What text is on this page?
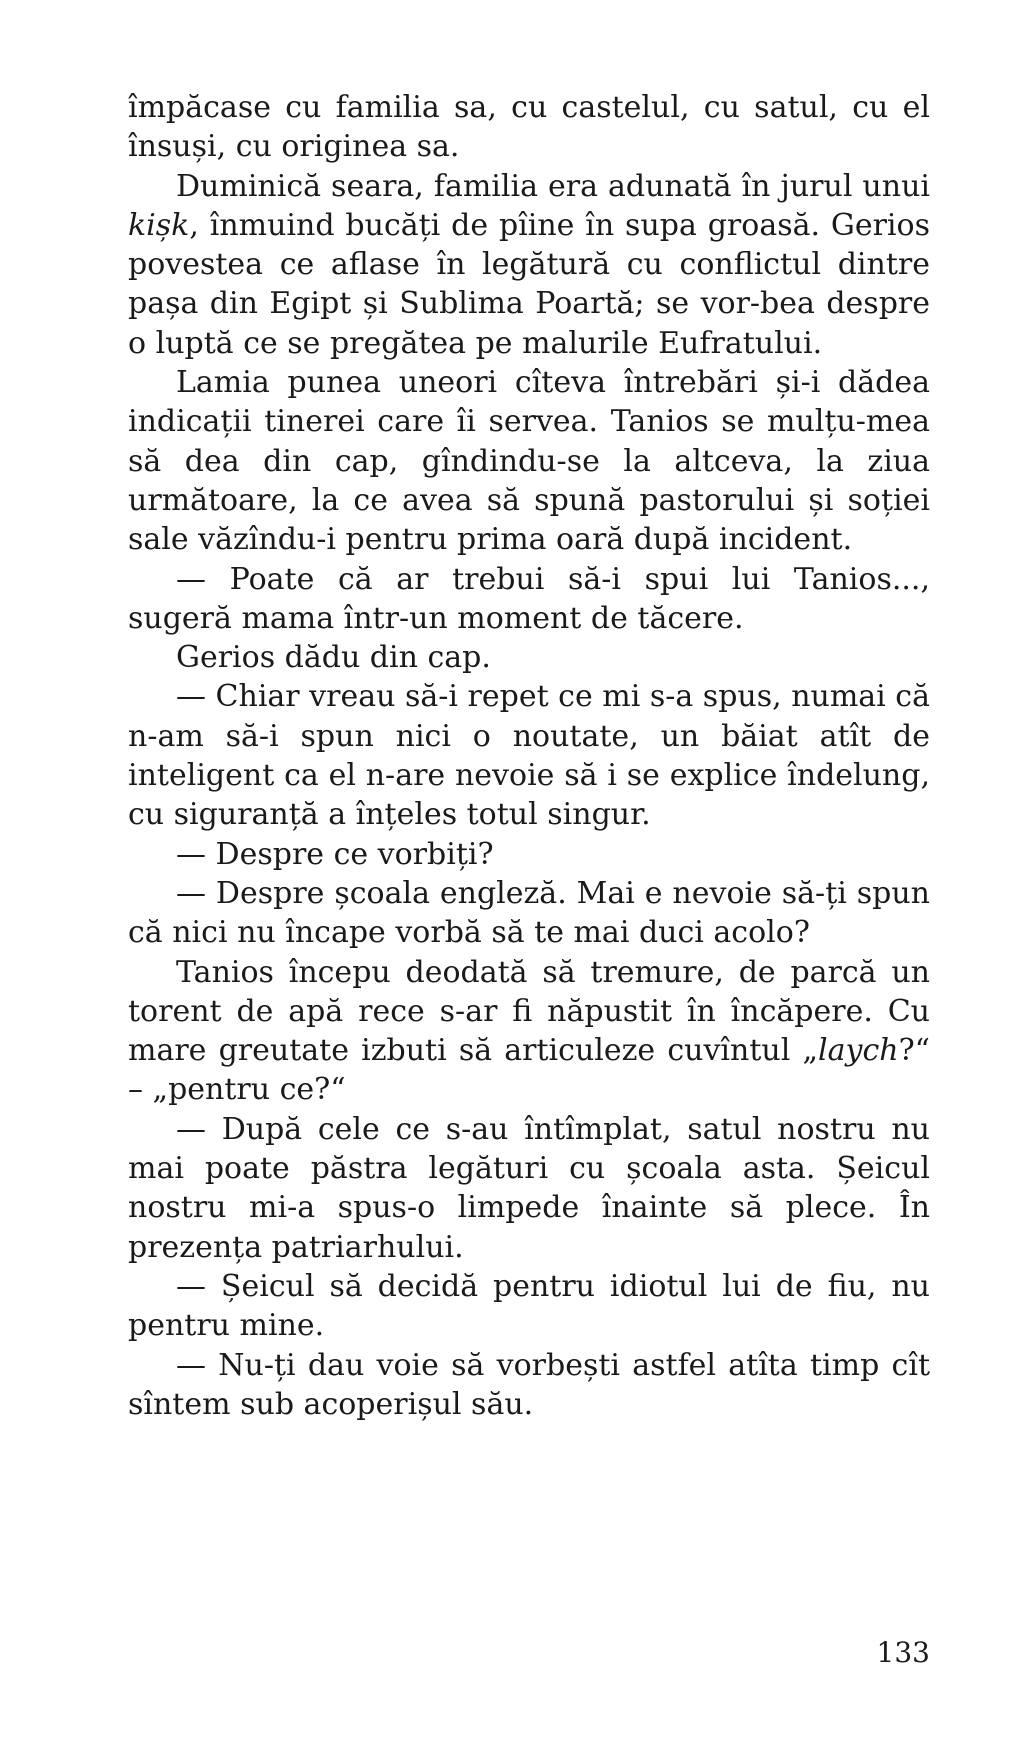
împăcase cu familia sa, cu castelul, cu satul, cu el însuși, cu originea sa.

Duminică seara, familia era adunată în jurul unui kișk, înmuind bucăți de pîine în supa groasă. Gerios povestea ce aflase în legătură cu conflictul dintre pașa din Egipt și Sublima Poartă; se vor-bea despre o luptă ce se pregătea pe malurile Eufratului.

Lamia punea uneori cîteva întrebări și-i dădea indicații tinerei care îi servea. Tanios se mulțu-mea să dea din cap, gîndindu-se la altceva, la ziua următoare, la ce avea să spună pastorului și soției sale văzîndu-i pentru prima oară după incident.

— Poate că ar trebui să-i spui lui Tanios..., sugeră mama într-un moment de tăcere.

Gerios dădu din cap.

— Chiar vreau să-i repet ce mi s-a spus, numai că n-am să-i spun nici o noutate, un băiat atît de inteligent ca el n-are nevoie să i se explice îndelung, cu siguranță a înțeles totul singur.

— Despre ce vorbiți?

— Despre școala engleză. Mai e nevoie să-ți spun că nici nu încape vorbă să te mai duci acolo?

Tanios începu deodată să tremure, de parcă un torent de apă rece s-ar fi năpustit în încăpere. Cu mare greutate izbuti să articuleze cuvîntul „laych?“ – „pentru ce?“

— După cele ce s-au întîmplat, satul nostru nu mai poate păstra legături cu școala asta. Șeicul nostru mi-a spus-o limpede înainte să plece. În prezența patriarhului.

— Șeicul să decidă pentru idiotul lui de fiu, nu pentru mine.

— Nu-ți dau voie să vorbești astfel atîta timp cît sîntem sub acoperișul său.

133
